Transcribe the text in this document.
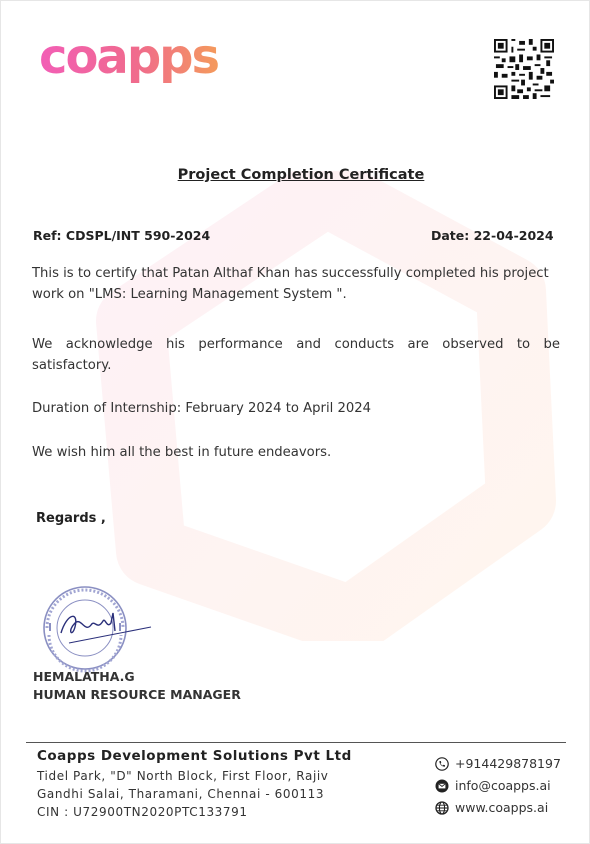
coapps
Project Completion Certificate
Ref: CDSPL/INT 590-2024	Date: 22-04-2024
This is to certify that Patan Althaf Khan has successfully completed his project work on "LMS: Learning Management System ".
We acknowledge his performance and conducts are observed to be satisfactory.
Duration of Internship: February 2024 to April 2024
We wish him all the best in future endeavors.
Regards ,
HEMALATHA.G
HUMAN RESOURCE MANAGER
Coapps Development Solutions Pvt Ltd
Tidel Park, "D" North Block, First Floor, Rajiv
Gandhi Salai, Tharamani, Chennai - 600113
CIN : U72900TN2020PTC133791
+914429878197
info@coapps.ai
www.coapps.ai
